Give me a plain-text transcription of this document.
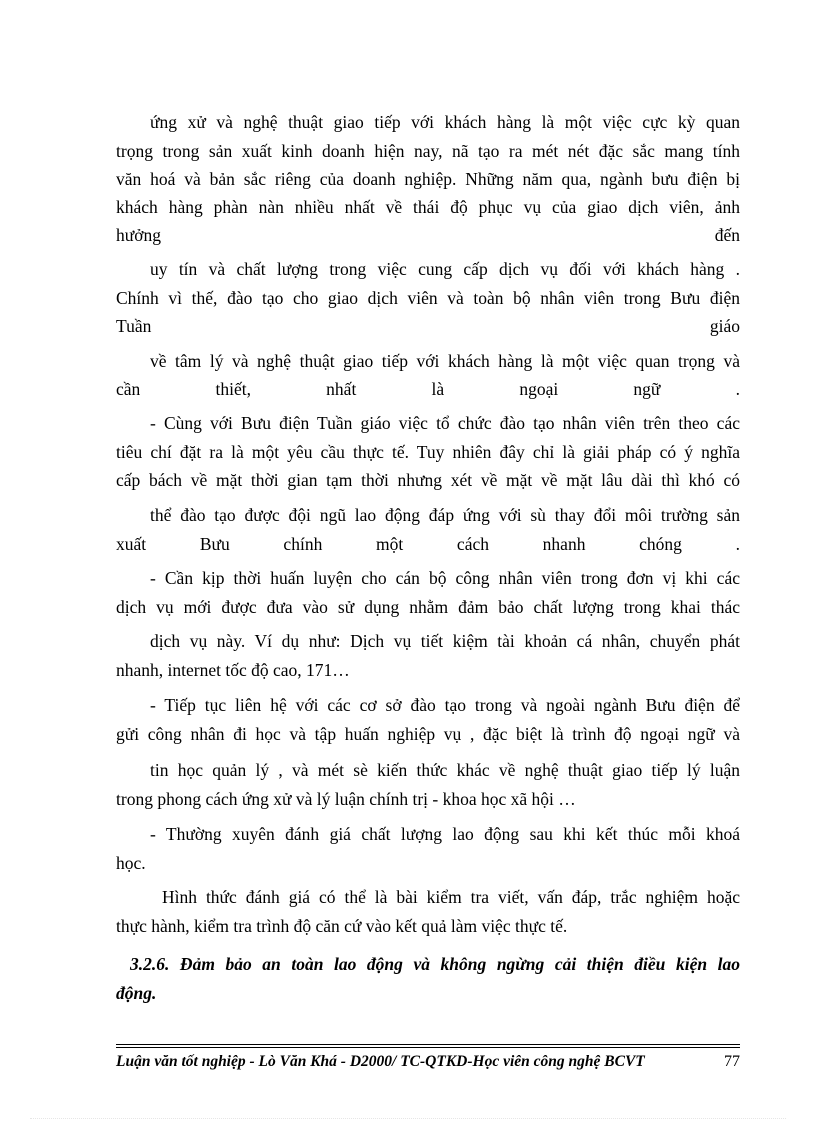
ứng xử và nghệ thuật giao tiếp với khách hàng là một việc cực kỳ quan
trọng trong sản xuất kinh doanh hiện nay, nã tạo ra mét nét đặc sắc mang tính
văn hoá và bản sắc riêng của doanh nghiệp. Những năm qua, ngành bưu điện bị
khách hàng phàn nàn nhiều nhất về thái độ phục vụ của giao dịch viên, ảnh
hưởng đến
uy tín và chất lượng trong việc cung cấp dịch vụ đối với khách hàng .
Chính vì thế, đào tạo cho giao dịch viên và toàn bộ nhân viên trong Bưu điện
Tuần giáo
về tâm lý và nghệ thuật giao tiếp với khách hàng là một việc quan trọng và
cần thiết, nhất là ngoại ngữ .
- Cùng với Bưu điện Tuần giáo việc tổ chức đào tạo nhân viên trên theo các
tiêu chí đặt ra là một yêu cầu thực tế. Tuy nhiên đây chỉ là giải pháp có ý nghĩa
cấp bách về mặt thời gian tạm thời nhưng xét về mặt về mặt lâu dài thì khó có
thể đào tạo được đội ngũ lao động đáp ứng với sù thay đổi môi trường sản
xuất Bưu chính một cách nhanh chóng .
- Cần kịp thời huấn luyện cho cán bộ công nhân viên trong đơn vị khi các
dịch vụ mới được đưa vào sử dụng nhằm đảm bảo chất lượng trong khai thác
dịch vụ này. Ví dụ như: Dịch vụ tiết kiệm tài khoản cá nhân, chuyển phát
nhanh, internet tốc độ cao, 171…
- Tiếp tục liên hệ với các cơ sở đào tạo trong và ngoài ngành Bưu điện để
gửi công nhân đi học và tập huấn nghiệp vụ , đặc biệt là trình độ ngoại ngữ và
tin học quản lý , và mét sè kiến thức khác về nghệ thuật giao tiếp lý luận
trong phong cách ứng xử và lý luận chính trị - khoa học xã hội …
- Thường xuyên đánh giá chất lượng lao động sau khi kết thúc mỗi khoá
học.
Hình thức đánh giá có thể là bài kiểm tra viết, vấn đáp, trắc nghiệm hoặc
thực hành, kiểm tra trình độ căn cứ vào kết quả làm việc thực tế.
3.2.6. Đảm bảo an toàn lao động và không ngừng cải thiện điều kiện lao
động.
Luận văn tốt nghiệp - Lò Văn Khá - D2000/ TC-QTKD-Học viên công nghệ BCVT	77
